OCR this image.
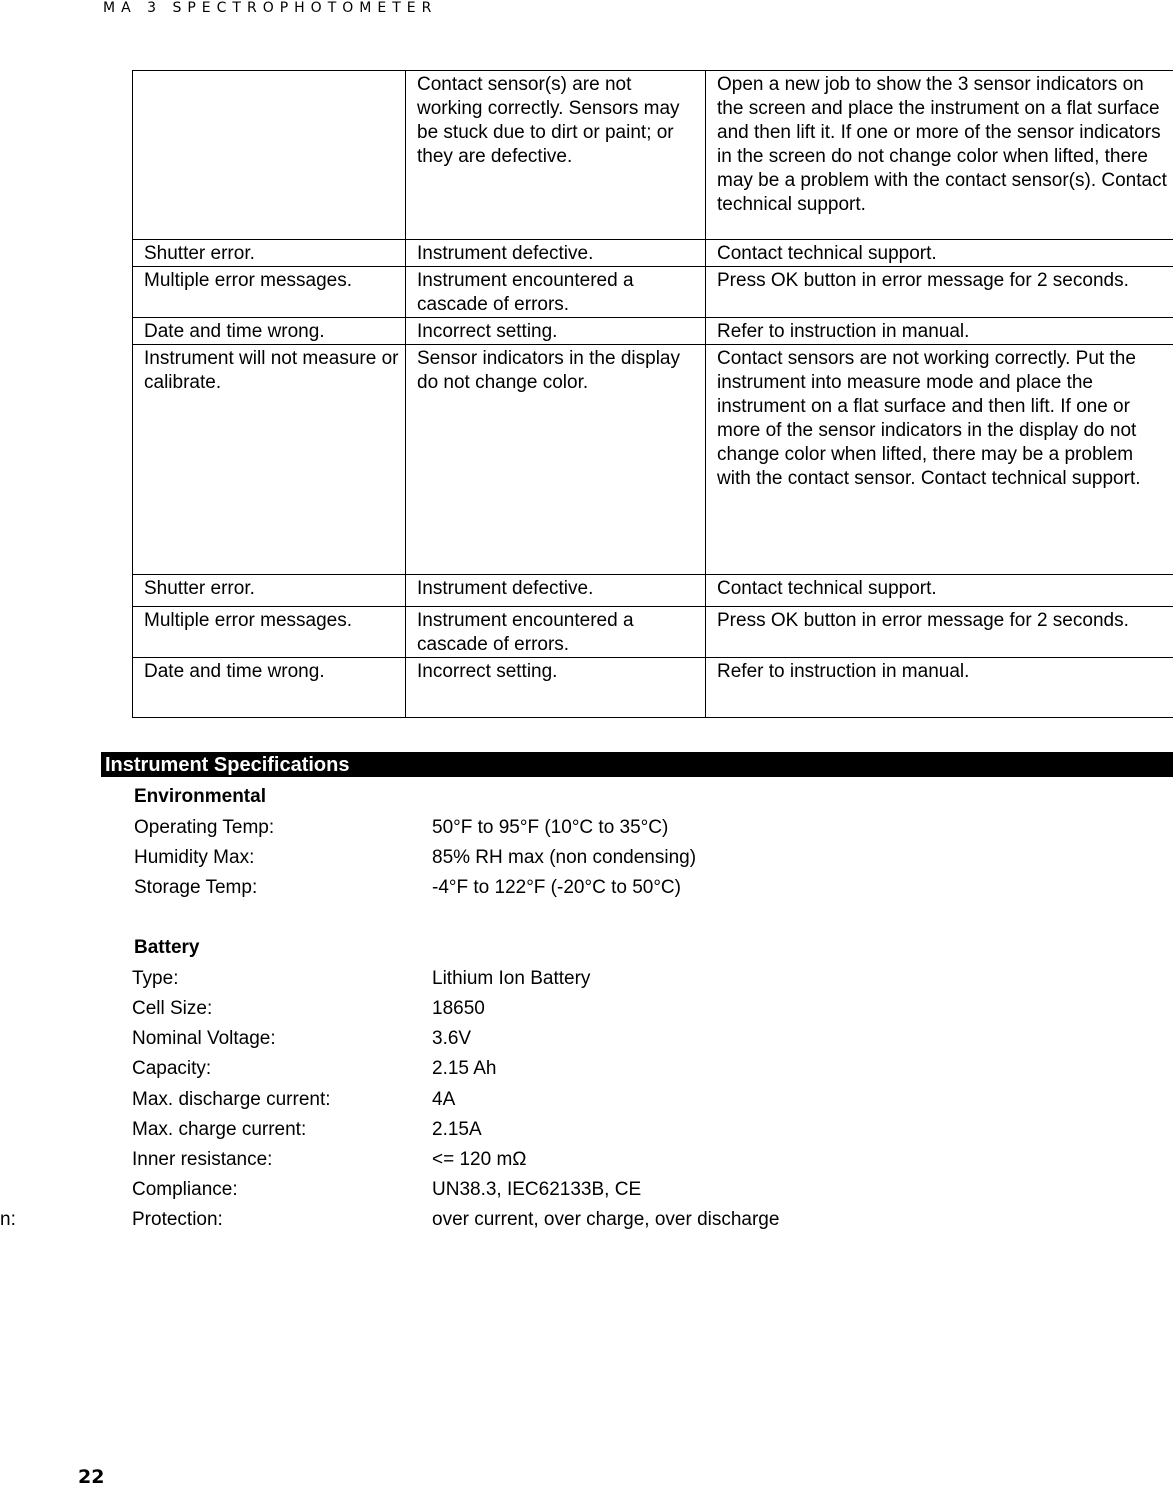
MA 3 SPECTROPHOTOMETER
	Contact sensor(s) are not working correctly. Sensors may be stuck due to dirt or paint; or they are defective.	Open a new job to show the 3 sensor indicators on the screen and place the instrument on a flat surface and then lift it. If one or more of the sensor indicators in the screen do not change color when lifted, there may be a problem with the contact sensor(s). Contact technical support.
Shutter error.	Instrument defective.	Contact technical support.
Multiple error messages.	Instrument encountered a cascade of errors.	Press OK button in error message for 2 seconds.
Date and time wrong.	Incorrect setting.	Refer to instruction in manual.
Instrument will not measure or calibrate.	Sensor indicators in the display do not change color.	Contact sensors are not working correctly. Put the instrument into measure mode and place the instrument on a flat surface and then lift. If one or more of the sensor indicators in the display do not change color when lifted, there may be a problem with the contact sensor. Contact technical support.
Shutter error.	Instrument defective.	Contact technical support.
Multiple error messages.	Instrument encountered a cascade of errors.	Press OK button in error message for 2 seconds.
Date and time wrong.	Incorrect setting.	Refer to instruction in manual.
Instrument Specifications
Environmental
Operating Temp:	50°F to 95°F (10°C to 35°C)
Humidity Max:	85% RH max (non condensing)
Storage Temp:	-4°F to 122°F (-20°C to 50°C)
Battery
Type:	Lithium Ion Battery
Cell Size:	18650
Nominal Voltage:	3.6V
Capacity:	2.15 Ah
Max. discharge current:	4A
Max. charge current:	2.15A
Inner resistance:	<= 120 mΩ
Compliance:	UN38.3, IEC62133B, CE
n:	Protection:	over current, over charge, over discharge
22
